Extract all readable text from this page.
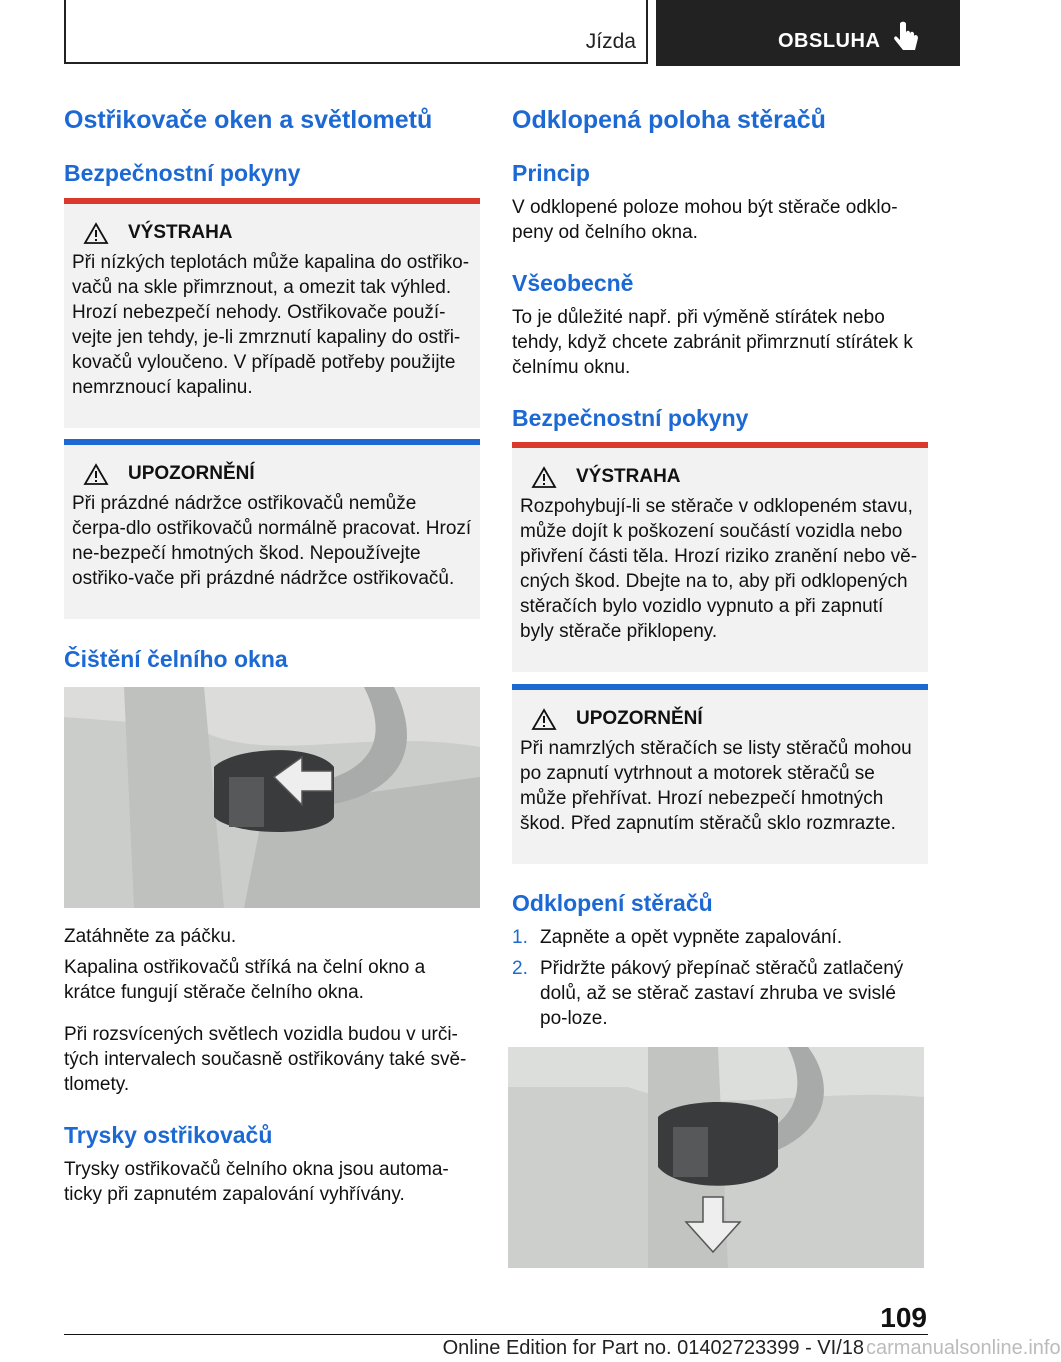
Jízda	OBSLUHA
Ostřikovače oken a světlometů
Bezpečnostní pokyny
VÝSTRAHA

Při nízkých teplotách může kapalina do ostřiko-vačů na skle přimrznout, a omezit tak výhled. Hrozí nebezpečí nehody. Ostřikovače použí-vejte jen tehdy, je-li zmrznutí kapaliny do ostři-kovačů vyloučeno. V případě potřeby použijte nemrznoucí kapalinu.

UPOZORNĚNÍ

Při prázdné nádržce ostřikovačů nemůže čerpa-dlo ostřikovačů normálně pracovat. Hrozí ne-bezpečí hmotných škod. Nepoužívejte ostřiko-vače při prázdné nádržce ostřikovačů.

Čištění čelního okna

Zatáhněte za páčku.

Kapalina ostřikovačů stříká na čelní okno a krátce fungují stěrače čelního okna.

Při rozsvícených světlech vozidla budou v urči-tých intervalech současně ostřikovány také svě-tlomety.

Trysky ostřikovačů

Trysky ostřikovačů čelního okna jsou automa-ticky při zapnutém zapalování vyhřívány.

Odklopená poloha stěračů
Princip

V odklopené poloze mohou být stěrače odklo-peny od čelního okna.

Všeobecně

To je důležité např. při výměně stírátek nebo tehdy, když chcete zabránit přimrznutí stírátek k čelnímu oknu.

Bezpečnostní pokyny
VÝSTRAHA

Rozpohybují-li se stěrače v odklopeném stavu, může dojít k poškození součástí vozidla nebo přivření části těla. Hrozí riziko zranění nebo vě-cných škod. Dbejte na to, aby při odklopených stěračích bylo vozidlo vypnuto a při zapnutí byly stěrače přiklopeny.

UPOZORNĚNÍ

Při namrzlých stěračích se listy stěračů mohou po zapnutí vytrhnout a motorek stěračů se může přehřívat. Hrozí nebezpečí hmotných škod. Před zapnutím stěračů sklo rozmrazte.

Odklopení stěračů
1. Zapněte a opět vypněte zapalování.
2. Přidržte pákový přepínač stěračů zatlačený dolů, až se stěrač zastaví zhruba ve svislé po-loze.
109
Online Edition for Part no. 01402723399 - VI/18 carmanualsonline.info
